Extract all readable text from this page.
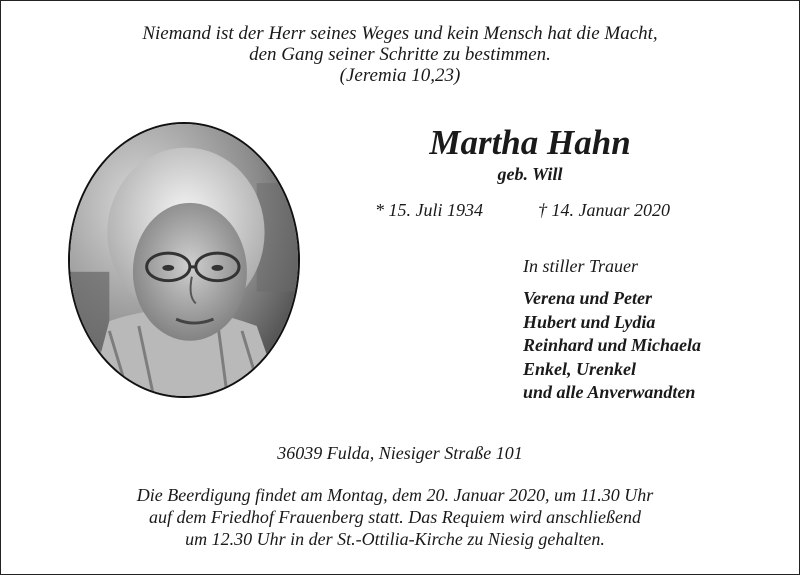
Niemand ist der Herr seines Weges und kein Mensch hat die Macht,
den Gang seiner Schritte zu bestimmen.
(Jeremia 10,23)
Martha Hahn
geb. Will
* 15. Juli 1934	† 14. Januar 2020
In stiller Trauer
Verena und Peter
Hubert und Lydia
Reinhard und Michaela
Enkel, Urenkel
und alle Anverwandten
36039 Fulda, Niesiger Straße 101
Die Beerdigung findet am Montag, dem 20. Januar 2020, um 11.30 Uhr
auf dem Friedhof Frauenberg statt. Das Requiem wird anschließend
um 12.30 Uhr in der St.-Ottilia-Kirche zu Niesig gehalten.
